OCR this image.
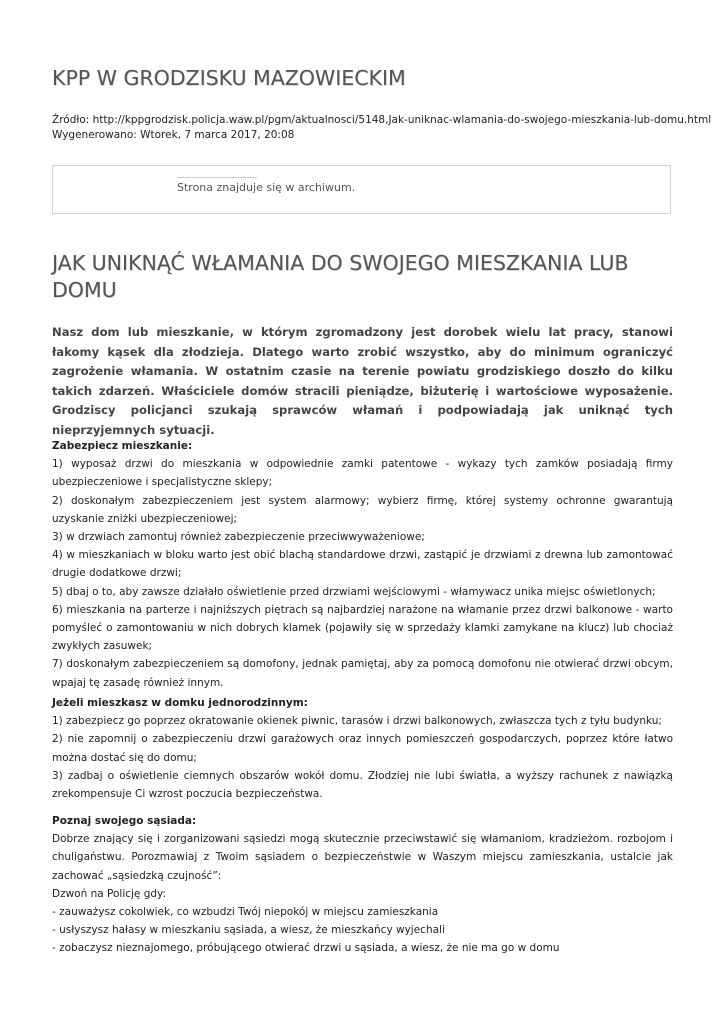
KPP W GRODZISKU MAZOWIECKIM
Źródło: http://kppgrodzisk.policja.waw.pl/pgm/aktualnosci/5148,Jak-uniknac-wlamania-do-swojego-mieszkania-lub-domu.html
Wygenerowano: Wtorek, 7 marca 2017, 20:08
Strona znajduje się w archiwum.
JAK UNIKNĄĆ WŁAMANIA DO SWOJEGO MIESZKANIA LUB DOMU

Nasz dom lub mieszkanie, w którym zgromadzony jest dorobek wielu lat pracy, stanowi łakomy kąsek dla złodzieja. Dlatego warto zrobić wszystko, aby do minimum ograniczyć zagrożenie włamania. W ostatnim czasie na terenie powiatu grodziskiego doszło do kilku takich zdarzeń. Właściciele domów stracili pieniądze, biżuterię i wartościowe wyposażenie. Grodziscy policjanci szukają sprawców włamań i podpowiadają jak uniknąć tych nieprzyjemnych sytuacji.

Zabezpiecz mieszkanie:
1) wyposaż drzwi do mieszkania w odpowiednie zamki patentowe - wykazy tych zamków posiadają firmy ubezpieczeniowe i specjalistyczne sklepy;
2) doskonałym zabezpieczeniem jest system alarmowy; wybierz firmę, której systemy ochronne gwarantują uzyskanie zniżki ubezpieczeniowej;
3) w drzwiach zamontuj również zabezpieczenie przeciwwyważeniowe;
4) w mieszkaniach w bloku warto jest obić blachą standardowe drzwi, zastąpić je drzwiami z drewna lub zamontować drugie dodatkowe drzwi;
5) dbaj o to, aby zawsze działało oświetlenie przed drzwiami wejściowymi - włamywacz unika miejsc oświetlonych;
6) mieszkania na parterze i najniższych piętrach są najbardziej narażone na włamanie przez drzwi balkonowe - warto pomyśleć o zamontowaniu w nich dobrych klamek (pojawiły się w sprzedaży klamki zamykane na klucz) lub chociaż zwykłych zasuwek;
7) doskonałym zabezpieczeniem są domofony, jednak pamiętaj, aby za pomocą domofonu nie otwierać drzwi obcym, wpajaj tę zasadę również innym.
Jeżeli mieszkasz w domku jednorodzinnym:
1) zabezpiecz go poprzez okratowanie okienek piwnic, tarasów i drzwi balkonowych, zwłaszcza tych z tyłu budynku;
2) nie zapomnij o zabezpieczeniu drzwi garażowych oraz innych pomieszczeń gospodarczych, poprzez które łatwo można dostać się do domu;
3) zadbaj o oświetlenie ciemnych obszarów wokół domu. Złodziej nie lubi światła, a wyższy rachunek z nawiązką zrekompensuje Ci wzrost poczucia bezpieczeństwa.
Poznaj swojego sąsiada:
Dobrze znający się i zorganizowani sąsiedzi mogą skutecznie przeciwstawić się włamaniom, kradzieżom. rozbojom i chuligaństwu. Porozmawiaj z Twoim sąsiadem o bezpieczeństwie w Waszym miejscu zamieszkania, ustalcie jak zachować „sąsiedzką czujność”:
Dzwoń na Policję gdy:
- zauważysz cokolwiek, co wzbudzi Twój niepokój w miejscu zamieszkania
- usłyszysz hałasy w mieszkaniu sąsiada, a wiesz, że mieszkańcy wyjechali
- zobaczysz nieznajomego, próbującego otwierać drzwi u sąsiada, a wiesz, że nie ma go w domu
